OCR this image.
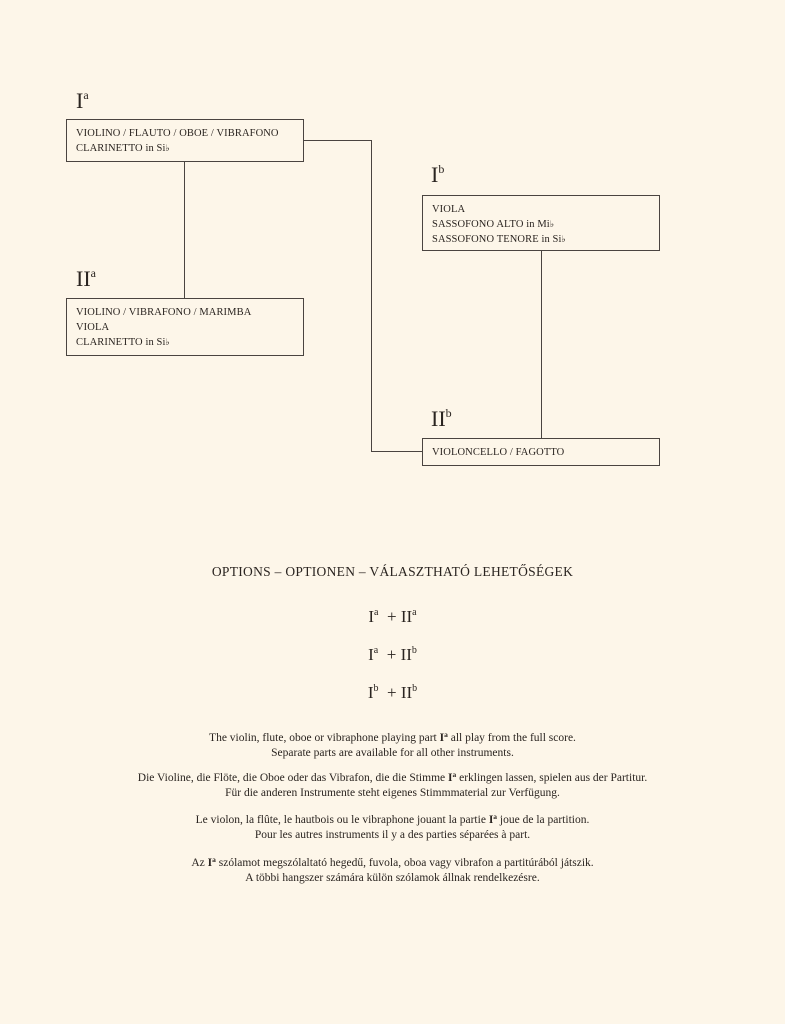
$I^a$
$II^a$
$I^b$
$II^b$
VIOLINO / FLAUTO / OBOE / VIBRAFONO
CLARINETTO in Si♭
VIOLINO / VIBRAFONO / MARIMBA
VIOLA
CLARINETTO in Si♭
VIOLA
SASSOFONO ALTO in Mi♭
SASSOFONO TENORE in Si♭
VIOLONCELLO / FAGOTTO
OPTIONS – OPTIONEN – VÁLASZTHATÓ LEHETŐSÉGEK
$I^a + II^a$
$I^a + II^b$
$I^b + II^b$
The violin, flute, oboe or vibraphone playing part $I^a$ all play from the full score.
Separate parts are available for all other instruments.
Die Violine, die Flöte, die Oboe oder das Vibrafon, die die Stimme $I^a$ erklingen lassen, spielen aus der Partitur.
Für die anderen Instrumente steht eigenes Stimmmaterial zur Verfügung.
Le violon, la flûte, le hautbois ou le vibraphone jouant la partie $I^a$ joue de la partition.
Pour les autres instruments il y a des parties séparées à part.
Az $I^a$ szólamot megszólaltató hegedű, fuvola, oboa vagy vibrafon a partitúrából játszik.
A többi hangszer számára külön szólamok állnak rendelkezésre.
